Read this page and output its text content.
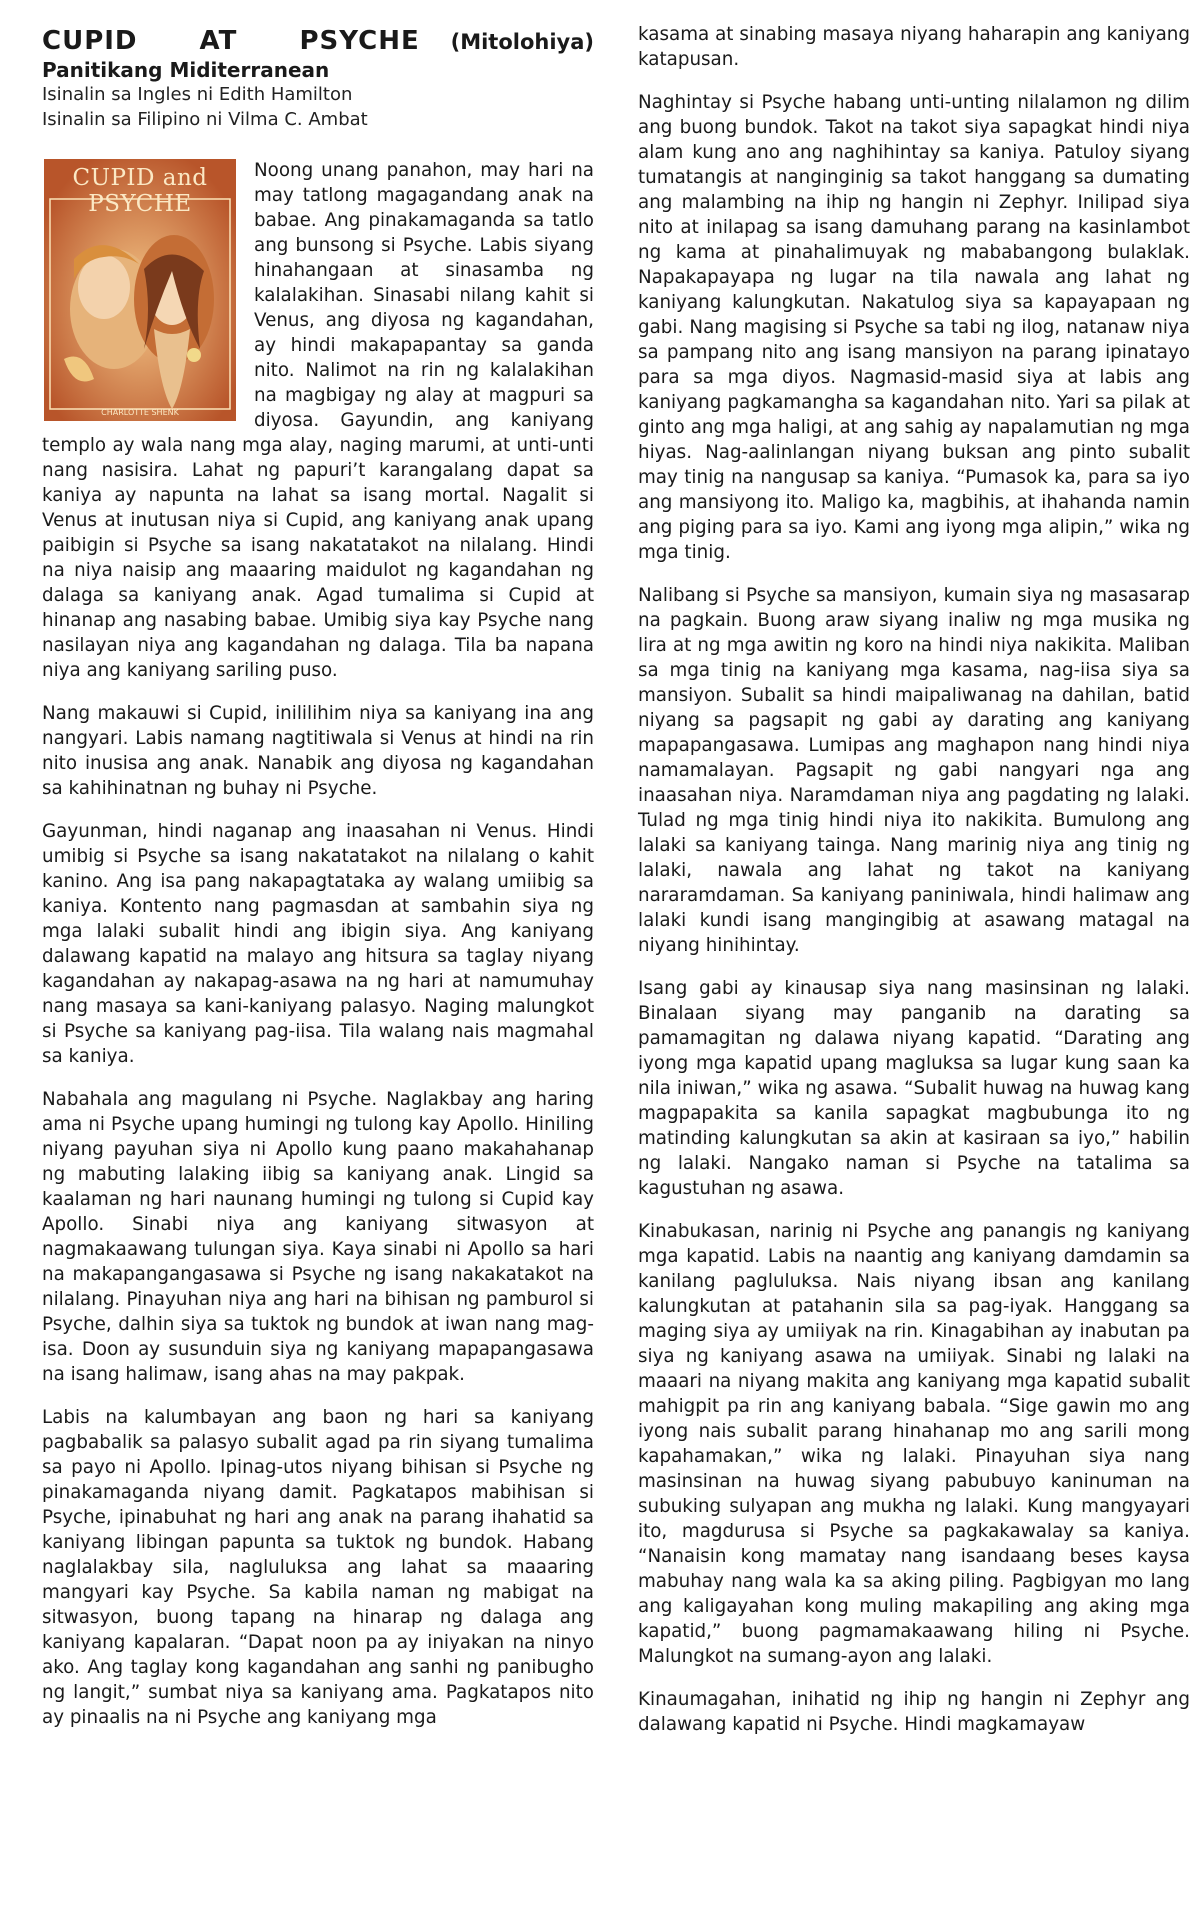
CUPID AT PSYCHE (Mitolohiya)
Panitikang Miditerranean
Isinalin sa Ingles ni Edith Hamilton
Isinalin sa Filipino ni Vilma C. Ambat
CUPID and PSYCHE
CHARLOTTE SHENK

Noong unang panahon, may hari na may tatlong magagandang anak na babae. Ang pinakamaganda sa tatlo ang bunsong si Psyche. Labis siyang hinahangaan at sinasamba ng kalalakihan. Sinasabi nilang kahit si Venus, ang diyosa ng kagandahan, ay hindi makapapantay sa ganda nito. Nalimot na rin ng kalalakihan na magbigay ng alay at magpuri sa diyosa. Gayundin, ang kaniyang templo ay wala nang mga alay, naging marumi, at unti-unti nang nasisira. Lahat ng papuri’t karangalang dapat sa kaniya ay napunta na lahat sa isang mortal. Nagalit si Venus at inutusan niya si Cupid, ang kaniyang anak upang paibigin si Psyche sa isang nakatatakot na nilalang. Hindi na niya naisip ang maaaring maidulot ng kagandahan ng dalaga sa kaniyang anak. Agad tumalima si Cupid at hinanap ang nasabing babae. Umibig siya kay Psyche nang nasilayan niya ang kagandahan ng dalaga. Tila ba napana niya ang kaniyang sariling puso.

Nang makauwi si Cupid, inililihim niya sa kaniyang ina ang nangyari. Labis namang nagtitiwala si Venus at hindi na rin nito inusisa ang anak. Nanabik ang diyosa ng kagandahan sa kahihinatnan ng buhay ni Psyche.

Gayunman, hindi naganap ang inaasahan ni Venus. Hindi umibig si Psyche sa isang nakatatakot na nilalang o kahit kanino. Ang isa pang nakapagtataka ay walang umiibig sa kaniya. Kontento nang pagmasdan at sambahin siya ng mga lalaki subalit hindi ang ibigin siya. Ang kaniyang dalawang kapatid na malayo ang hitsura sa taglay niyang kagandahan ay nakapag-asawa na ng hari at namumuhay nang masaya sa kani-kaniyang palasyo. Naging malungkot si Psyche sa kaniyang pag-iisa. Tila walang nais magmahal sa kaniya.

Nabahala ang magulang ni Psyche. Naglakbay ang haring ama ni Psyche upang humingi ng tulong kay Apollo. Hiniling niyang payuhan siya ni Apollo kung paano makahahanap ng mabuting lalaking iibig sa kaniyang anak. Lingid sa kaalaman ng hari naunang humingi ng tulong si Cupid kay Apollo. Sinabi niya ang kaniyang sitwasyon at nagmakaawang tulungan siya. Kaya sinabi ni Apollo sa hari na makapangangasawa si Psyche ng isang nakakatakot na nilalang. Pinayuhan niya ang hari na bihisan ng pamburol si Psyche, dalhin siya sa tuktok ng bundok at iwan nang mag-isa. Doon ay susunduin siya ng kaniyang mapapangasawa na isang halimaw, isang ahas na may pakpak.

Labis na kalumbayan ang baon ng hari sa kaniyang pagbabalik sa palasyo subalit agad pa rin siyang tumalima sa payo ni Apollo. Ipinag-utos niyang bihisan si Psyche ng pinakamaganda niyang damit. Pagkatapos mabihisan si Psyche, ipinabuhat ng hari ang anak na parang ihahatid sa kaniyang libingan papunta sa tuktok ng bundok. Habang naglalakbay sila, nagluluksa ang lahat sa maaaring mangyari kay Psyche. Sa kabila naman ng mabigat na sitwasyon, buong tapang na hinarap ng dalaga ang kaniyang kapalaran. “Dapat noon pa ay iniyakan na ninyo ako. Ang taglay kong kagandahan ang sanhi ng panibugho ng langit,” sumbat niya sa kaniyang ama. Pagkatapos nito ay pinaalis na ni Psyche ang kaniyang mga

kasama at sinabing masaya niyang haharapin ang kaniyang katapusan.

Naghintay si Psyche habang unti-unting nilalamon ng dilim ang buong bundok. Takot na takot siya sapagkat hindi niya alam kung ano ang naghihintay sa kaniya. Patuloy siyang tumatangis at nanginginig sa takot hanggang sa dumating ang malambing na ihip ng hangin ni Zephyr. Inilipad siya nito at inilapag sa isang damuhang parang na kasinlambot ng kama at pinahalimuyak ng mababangong bulaklak. Napakapayapa ng lugar na tila nawala ang lahat ng kaniyang kalungkutan. Nakatulog siya sa kapayapaan ng gabi. Nang magising si Psyche sa tabi ng ilog, natanaw niya sa pampang nito ang isang mansiyon na parang ipinatayo para sa mga diyos. Nagmasid-masid siya at labis ang kaniyang pagkamangha sa kagandahan nito. Yari sa pilak at ginto ang mga haligi, at ang sahig ay napalamutian ng mga hiyas. Nag-aalinlangan niyang buksan ang pinto subalit may tinig na nangusap sa kaniya. “Pumasok ka, para sa iyo ang mansiyong ito. Maligo ka, magbihis, at ihahanda namin ang piging para sa iyo. Kami ang iyong mga alipin,” wika ng mga tinig.

Nalibang si Psyche sa mansiyon, kumain siya ng masasarap na pagkain. Buong araw siyang inaliw ng mga musika ng lira at ng mga awitin ng koro na hindi niya nakikita. Maliban sa mga tinig na kaniyang mga kasama, nag-iisa siya sa mansiyon. Subalit sa hindi maipaliwanag na dahilan, batid niyang sa pagsapit ng gabi ay darating ang kaniyang mapapangasawa. Lumipas ang maghapon nang hindi niya namamalayan. Pagsapit ng gabi nangyari nga ang inaasahan niya. Naramdaman niya ang pagdating ng lalaki. Tulad ng mga tinig hindi niya ito nakikita. Bumulong ang lalaki sa kaniyang tainga. Nang marinig niya ang tinig ng lalaki, nawala ang lahat ng takot na kaniyang nararamdaman. Sa kaniyang paniniwala, hindi halimaw ang lalaki kundi isang mangingibig at asawang matagal na niyang hinihintay.

Isang gabi ay kinausap siya nang masinsinan ng lalaki. Binalaan siyang may panganib na darating sa pamamagitan ng dalawa niyang kapatid. “Darating ang iyong mga kapatid upang magluksa sa lugar kung saan ka nila iniwan,” wika ng asawa. “Subalit huwag na huwag kang magpapakita sa kanila sapagkat magbubunga ito ng matinding kalungkutan sa akin at kasiraan sa iyo,” habilin ng lalaki. Nangako naman si Psyche na tatalima sa kagustuhan ng asawa.

Kinabukasan, narinig ni Psyche ang panangis ng kaniyang mga kapatid. Labis na naantig ang kaniyang damdamin sa kanilang pagluluksa. Nais niyang ibsan ang kanilang kalungkutan at patahanin sila sa pag-iyak. Hanggang sa maging siya ay umiiyak na rin. Kinagabihan ay inabutan pa siya ng kaniyang asawa na umiiyak. Sinabi ng lalaki na maaari na niyang makita ang kaniyang mga kapatid subalit mahigpit pa rin ang kaniyang babala. “Sige gawin mo ang iyong nais subalit parang hinahanap mo ang sarili mong kapahamakan,” wika ng lalaki. Pinayuhan siya nang masinsinan na huwag siyang pabubuyo kaninuman na subuking sulyapan ang mukha ng lalaki. Kung mangyayari ito, magdurusa si Psyche sa pagkakawalay sa kaniya. “Nanaisin kong mamatay nang isandaang beses kaysa mabuhay nang wala ka sa aking piling. Pagbigyan mo lang ang kaligayahan kong muling makapiling ang aking mga kapatid,” buong pagmamakaawang hiling ni Psyche. Malungkot na sumang-ayon ang lalaki.

Kinaumagahan, inihatid ng ihip ng hangin ni Zephyr ang dalawang kapatid ni Psyche. Hindi magkamayaw
